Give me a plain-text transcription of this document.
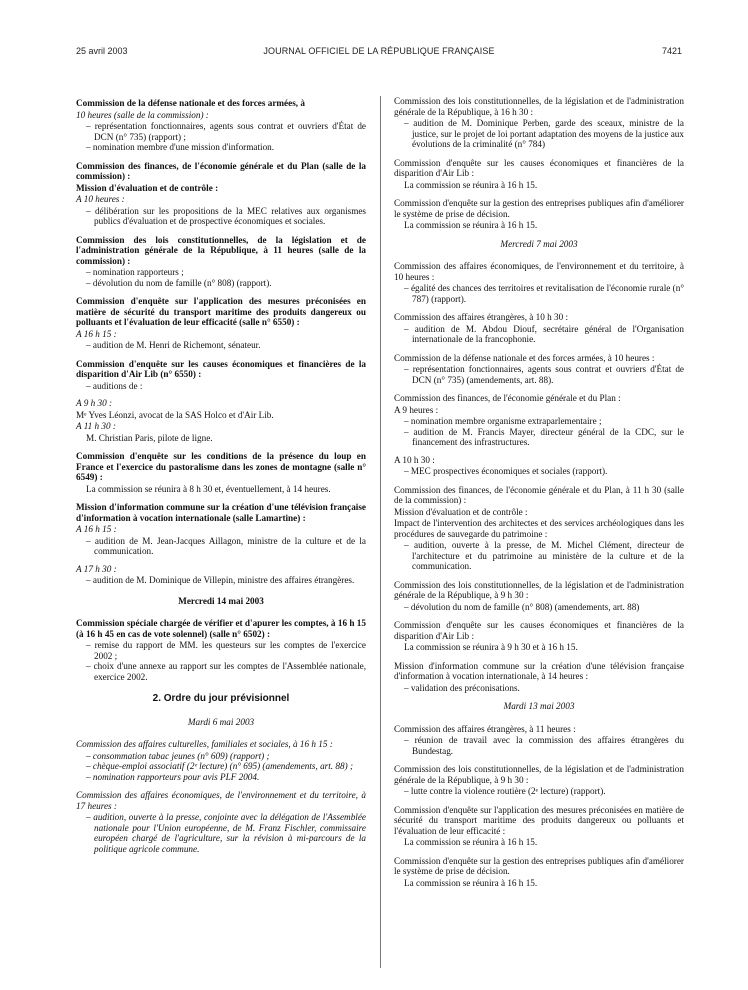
25 avril 2003	JOURNAL OFFICIEL DE LA RÉPUBLIQUE FRANÇAISE	7421

Commission de la défense nationale et des forces armées, à

10 heures (salle de la commission) :

– représentation fonctionnaires, agents sous contrat et ouvriers d'État de DCN (n° 735) (rapport) ;
– nomination membre d'une mission d'information.

Commission des finances, de l'économie générale et du Plan (salle de la commission) :

Mission d'évaluation et de contrôle :

A 10 heures :

– délibération sur les propositions de la MEC relatives aux organismes publics d'évaluation et de prospective économiques et sociales.

Commission des lois constitutionnelles, de la législation et de l'administration générale de la République, à 11 heures (salle de la commission) :

– nomination rapporteurs ;
– dévolution du nom de famille (n° 808) (rapport).

Commission d'enquête sur l'application des mesures préconisées en matière de sécurité du transport maritime des produits dangereux ou polluants et l'évaluation de leur efficacité (salle n° 6550) :

A 16 h 15 :

– audition de M. Henri de Richemont, sénateur.

Commission d'enquête sur les causes économiques et financières de la disparition d'Air Lib (n° 6550) :

– auditions de :

A 9 h 30 :

Mᵉ Yves Léonzi, avocat de la SAS Holco et d'Air Lib.

A 11 h 30 :

M. Christian Paris, pilote de ligne.

Commission d'enquête sur les conditions de la présence du loup en France et l'exercice du pastoralisme dans les zones de montagne (salle n° 6549) :

La commission se réunira à 8 h 30 et, éventuellement, à 14 heures.

Mission d'information commune sur la création d'une télévision française d'information à vocation internationale (salle Lamartine) :

A 16 h 15 :

– audition de M. Jean-Jacques Aillagon, ministre de la culture et de la communication.

A 17 h 30 :

– audition de M. Dominique de Villepin, ministre des affaires étrangères.

Mercredi 14 mai 2003

Commission spéciale chargée de vérifier et d'apurer les comptes, à 16 h 15 (à 16 h 45 en cas de vote solennel) (salle n° 6502) :

– remise du rapport de MM. les questeurs sur les comptes de l'exercice 2002 ;
– choix d'une annexe au rapport sur les comptes de l'Assemblée nationale, exercice 2002.

2. Ordre du jour prévisionnel

Mardi 6 mai 2003

Commission des affaires culturelles, familiales et sociales, à 16 h 15 :

– consommation tabac jeunes (n° 609) (rapport) ;
– chèque-emploi associatif (2ᵉ lecture) (n° 695) (amendements, art. 88) ;
– nomination rapporteurs pour avis PLF 2004.

Commission des affaires économiques, de l'environnement et du territoire, à 17 heures :

– audition, ouverte à la presse, conjointe avec la délégation de l'Assemblée nationale pour l'Union européenne, de M. Franz Fischler, commissaire européen chargé de l'agriculture, sur la révision à mi-parcours de la politique agricole commune.

Commission des lois constitutionnelles, de la législation et de l'administration générale de la République, à 16 h 30 :

– audition de M. Dominique Perben, garde des sceaux, ministre de la justice, sur le projet de loi portant adaptation des moyens de la justice aux évolutions de la criminalité (n° 784)

Commission d'enquête sur les causes économiques et financières de la disparition d'Air Lib :

La commission se réunira à 16 h 15.

Commission d'enquête sur la gestion des entreprises publiques afin d'améliorer le système de prise de décision.

La commission se réunira à 16 h 15.

Mercredi 7 mai 2003

Commission des affaires économiques, de l'environnement et du territoire, à 10 heures :

– égalité des chances des territoires et revitalisation de l'économie rurale (n° 787) (rapport).

Commission des affaires étrangères, à 10 h 30 :

– audition de M. Abdou Diouf, secrétaire général de l'Organisation internationale de la francophonie.

Commission de la défense nationale et des forces armées, à 10 heures :

– représentation fonctionnaires, agents sous contrat et ouvriers d'État de DCN (n° 735) (amendements, art. 88).

Commission des finances, de l'économie générale et du Plan :

A 9 heures :

– nomination membre organisme extraparlementaire ;
– audition de M. Francis Mayer, directeur général de la CDC, sur le financement des infrastructures.

A 10 h 30 :

– MEC prospectives économiques et sociales (rapport).

Commission des finances, de l'économie générale et du Plan, à 11 h 30 (salle de la commission) :

Mission d'évaluation et de contrôle :

Impact de l'intervention des architectes et des services archéologiques dans les procédures de sauvegarde du patrimoine :

– audition, ouverte à la presse, de M. Michel Clément, directeur de l'architecture et du patrimoine au ministère de la culture et de la communication.

Commission des lois constitutionnelles, de la législation et de l'administration générale de la République, à 9 h 30 :

– dévolution du nom de famille (n° 808) (amendements, art. 88)

Commission d'enquête sur les causes économiques et financières de la disparition d'Air Lib :

La commission se réunira à 9 h 30 et à 16 h 15.

Mission d'information commune sur la création d'une télévision française d'information à vocation internationale, à 14 heures :

– validation des préconisations.

Mardi 13 mai 2003

Commission des affaires étrangères, à 11 heures :

– réunion de travail avec la commission des affaires étrangères du Bundestag.

Commission des lois constitutionnelles, de la législation et de l'administration générale de la République, à 9 h 30 :

– lutte contre la violence routière (2ᵉ lecture) (rapport).

Commission d'enquête sur l'application des mesures préconisées en matière de sécurité du transport maritime des produits dangereux ou polluants et l'évaluation de leur efficacité :

La commission se réunira à 16 h 15.

Commission d'enquête sur la gestion des entreprises publiques afin d'améliorer le système de prise de décision.

La commission se réunira à 16 h 15.
